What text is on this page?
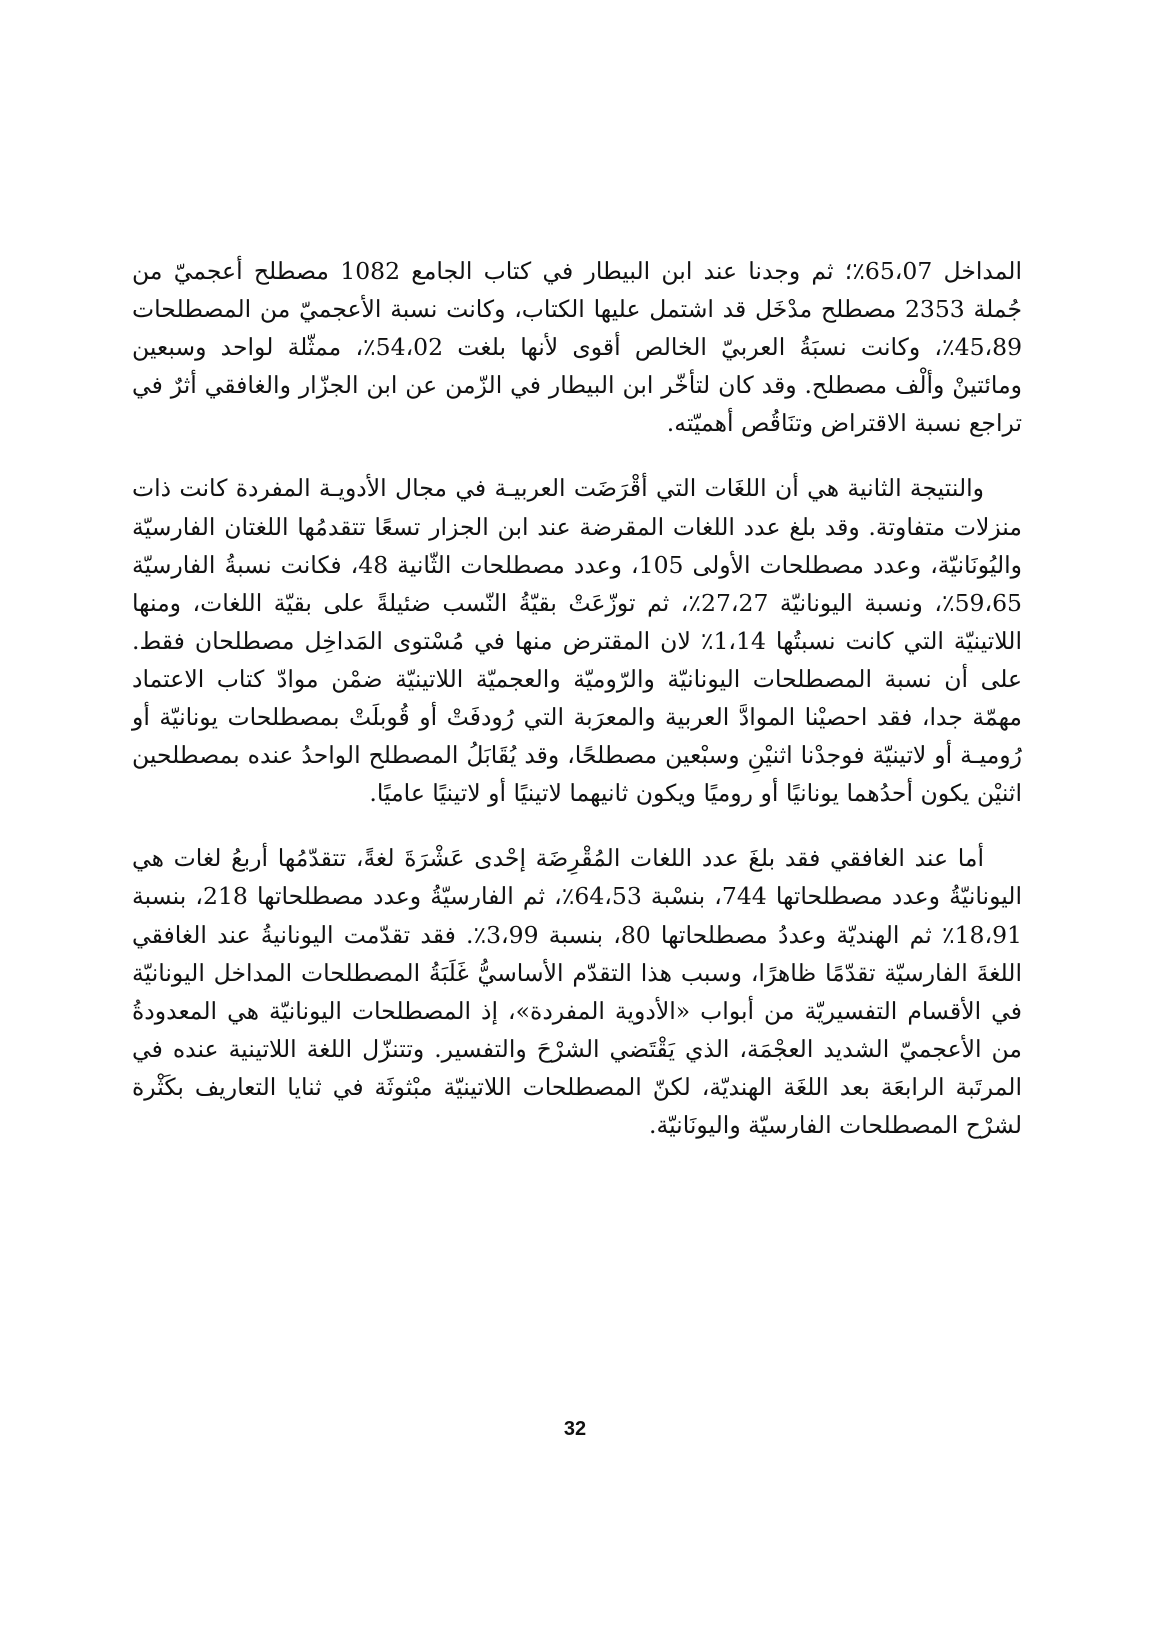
المداخل 65،07٪؛ ثم وجدنا عند ابن البيطار في كتاب الجامع 1082 مصطلح أعجميّ من جُملة 2353 مصطلح مدْخَل قد اشتمل عليها الكتاب، وكانت نسبة الأعجميّ من المصطلحات 45،89٪، وكانت نسبَةُ العربيّ الخالص أقوى لأنها بلغت 54،02٪، ممثّلة لواحد وسبعين ومائتينْ وألْف مصطلح. وقد كان لتأخّر ابن البيطار في الزّمن عن ابن الجزّار والغافقي أثرٌ في تراجع نسبة الاقتراض وتنَاقُص أهميّته.

والنتيجة الثانية هي أن اللغَات التي أقْرَضَت العربيـة في مجال الأدويـة المفردة كانت ذات منزلات متفاوتة. وقد بلغ عدد اللغات المقرضة عند ابن الجزار تسعًا تتقدمُها اللغتان الفارسيّة واليُونَانيّة، وعدد مصطلحات الأولى 105، وعدد مصطلحات الثّانية 48، فكانت نسبةُ الفارسيّة 59،65٪، ونسبة اليونانيّة 27،27٪، ثم توزّعَتْ بقيّةُ النّسب ضئيلةً على بقيّة اللغات، ومنها اللاتينيّة التي كانت نسبتُها 1،14٪ لان المقترض منها في مُسْتوى المَداخِل مصطلحان فقط. على أن نسبة المصطلحات اليونانيّة والرّوميّة والعجميّة اللاتينيّة ضمْن موادّ كتاب الاعتماد مهمّة جدا، فقد احصيْنا الموادَّ العربية والمعرَبة التي رُودفَتْ أو قُوبلَتْ بمصطلحات يونانيّة أو رُوميـة أو لاتينيّة فوجدْنا اثنيْنِ وسبْعين مصطلحًا، وقد يُقَابَلُ المصطلح الواحدُ عنده بمصطلحين اثنيْن يكون أحدُهما يونانيًا أو روميًا ويكون ثانيهما لاتينيًا أو لاتينيًا عاميًا.

أما عند الغافقي فقد بلغَ عدد اللغات المُقْرِضَة إحْدى عَشْرَةَ لغةً، تتقدّمُها أربعُ لغات هي اليونانيّةُ وعدد مصطلحاتها 744، بنسْبة 64،53٪، ثم الفارسيّةُ وعدد مصطلحاتها 218، بنسبة 18،91٪ ثم الهنديّة وعددُ مصطلحاتها 80، بنسبة 3،99٪. فقد تقدّمت اليونانيةُ عند الغافقي اللغةَ الفارسيّة تقدّمًا ظاهرًا، وسبب هذا التقدّم الأساسيُّ غَلَبَةُ المصطلحات المداخل اليونانيّة في الأقسام التفسيريّة من أبواب «الأدوية المفردة»، إذ المصطلحات اليونانيّة هي المعدودةُ من الأعجميّ الشديد العجْمَة، الذي يَقْتَضي الشرْحَ والتفسير. وتتنزّل اللغة اللاتينية عنده في المرتَبة الرابعَة بعد اللغَة الهنديّة، لكنّ المصطلحات اللاتينيّة مبْثوثَة في ثنايا التعاريف بكَثْرة لشرْح المصطلحات الفارسيّة واليونَانيّة.

32
